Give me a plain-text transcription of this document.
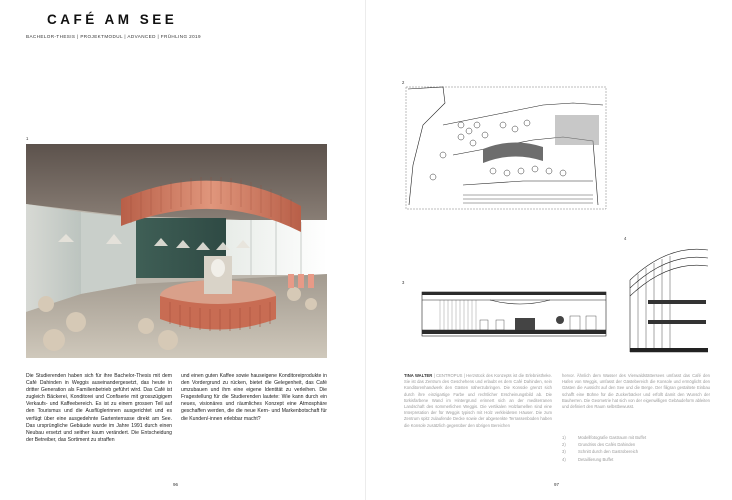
CAFÉ AM SEE
BACHELOR-THESIS | PROJEKTMODUL | ADVANCED | FRÜHLING 2019
1
Die Studierenden haben sich für ihre Bachelor-Thesis mit dem Café Dahinden in Weggis auseinandergesetzt, das heute in dritter Generation als Familienbetrieb geführt wird. Das Café ist zugleich Bäckerei, Konditorei und Confiserie mit grosszügigem Verkaufs- und Kaffeebereich. Es ist zu einem grossen Teil auf den Tourismus und die Ausflüglerinnen ausgerichtet und es verfügt über eine ausgedehnte Gartenterrasse direkt am See. Das ursprüngliche Gebäude wurde im Jahre 1991 durch einen Neubau ersetzt und seither kaum verändert. Die Entscheidung der Betreiber, das Sortiment zu straffen
und einen guten Kaffee sowie hauseigene Konditoreiprodukte in den Vordergrund zu rücken, bietet die Gelegenheit, das Café umzubauen und ihm eine eigene Identität zu verleihen. Die Fragestellung für die Studierenden lautete: Wie kann durch ein neues, visionäres und räumliches Konzept eine Atmosphäre geschaffen werden, die die neue Kern- und Markenbotschaft für die Kunden/-innen erlebbar macht?
96
2
3
4
TINA WALTER | CENTROPUS | Herzstück des Konzepts ist die Erlebnistheke. Sie ist das Zentrum des Geschehens und erlaubt es dem Café Dahinden, sein Konditorenhandwerk den Gästen näherzubringen. Die Konsole grenzt sich durch ihre einzigartige Farbe und rechtlicher Erscheinungsbild ab. Die türkisfarbene Wand im Hintergrund erinnert sich an der mediterranen Landschaft des sommerlichen Weggis. Die vertikalen Holzlamellen sind eine Interpretation der für Weggis typisch mit Holz verkleideten Häuser. Die zum Zentrum spitz zulaufende Decke sowie der abgesenkte Terrassenboden haben die Konsole zusätzlich gegenüber den übrigen Bereichen
hervor. Ähnlich dem Wasser des Vierwaldstättersees umfasst das Café den Hafen von Weggis, umfasst der Gästebereich die Konsole und ermöglicht den Gästen die Aussicht auf den See und die Berge. Der filigran gestaltete Einbau schafft eine Bühne für die Zuckerbäcker und erfüllt damit den Wunsch der Bauherren. Die Geometrie hat sich von der eigenwilligen Gebäudeform ableiten und definiert den Raum selbstbewusst.
1)	Modellfotografie Gastraum mit Buffet
2)	Grundriss des Cafés Dahinden
3)	Schnitt durch den Gastrobereich
4)	Detaillierung Buffet
97
